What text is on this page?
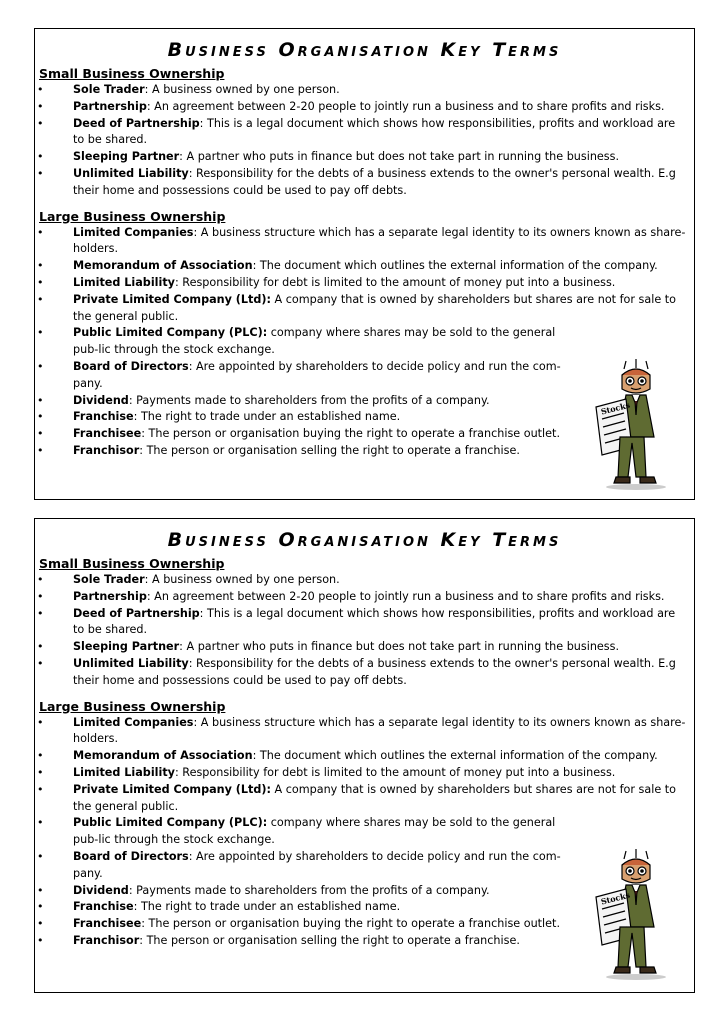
Business Organisation Key Terms
Small Business Ownership
•	Sole Trader: A business owned by one person.
•	Partnership: An agreement between 2-20 people to jointly run a business and to share profits and risks.
•	Deed of Partnership: This is a legal document which shows how responsibilities, profits and workload are to be shared.
•	Sleeping Partner: A partner who puts in finance but does not take part in running the business.
•	Unlimited Liability: Responsibility for the debts of a business extends to the owner's personal wealth. E.g their home and possessions could be used to pay off debts.
Large Business Ownership
•	Limited Companies: A business structure which has a separate legal identity to its owners known as share-holders.
•	Memorandum of Association: The document which outlines the external information of the company.
•	Limited Liability: Responsibility for debt is limited to the amount of money put into a business.
•	Private Limited Company (Ltd): A company that is owned by shareholders but shares are not for sale to the general public.
•	Public Limited Company (PLC): company where shares may be sold to the general pub-lic through the stock exchange.
•	Board of Directors: Are appointed by shareholders to decide policy and run the com-pany.
•	Dividend: Payments made to shareholders from the profits of a company.
•	Franchise: The right to trade under an established name.
•	Franchisee: The person or organisation buying the right to operate a franchise outlet.
•	Franchisor: The person or organisation selling the right to operate a franchise.
Stocks
Business Organisation Key Terms
Small Business Ownership
•	Sole Trader: A business owned by one person.
•	Partnership: An agreement between 2-20 people to jointly run a business and to share profits and risks.
•	Deed of Partnership: This is a legal document which shows how responsibilities, profits and workload are to be shared.
•	Sleeping Partner: A partner who puts in finance but does not take part in running the business.
•	Unlimited Liability: Responsibility for the debts of a business extends to the owner's personal wealth. E.g their home and possessions could be used to pay off debts.
Large Business Ownership
•	Limited Companies: A business structure which has a separate legal identity to its owners known as share-holders.
•	Memorandum of Association: The document which outlines the external information of the company.
•	Limited Liability: Responsibility for debt is limited to the amount of money put into a business.
•	Private Limited Company (Ltd): A company that is owned by shareholders but shares are not for sale to the general public.
•	Public Limited Company (PLC): company where shares may be sold to the general pub-lic through the stock exchange.
•	Board of Directors: Are appointed by shareholders to decide policy and run the com-pany.
•	Dividend: Payments made to shareholders from the profits of a company.
•	Franchise: The right to trade under an established name.
•	Franchisee: The person or organisation buying the right to operate a franchise outlet.
•	Franchisor: The person or organisation selling the right to operate a franchise.
Stocks
